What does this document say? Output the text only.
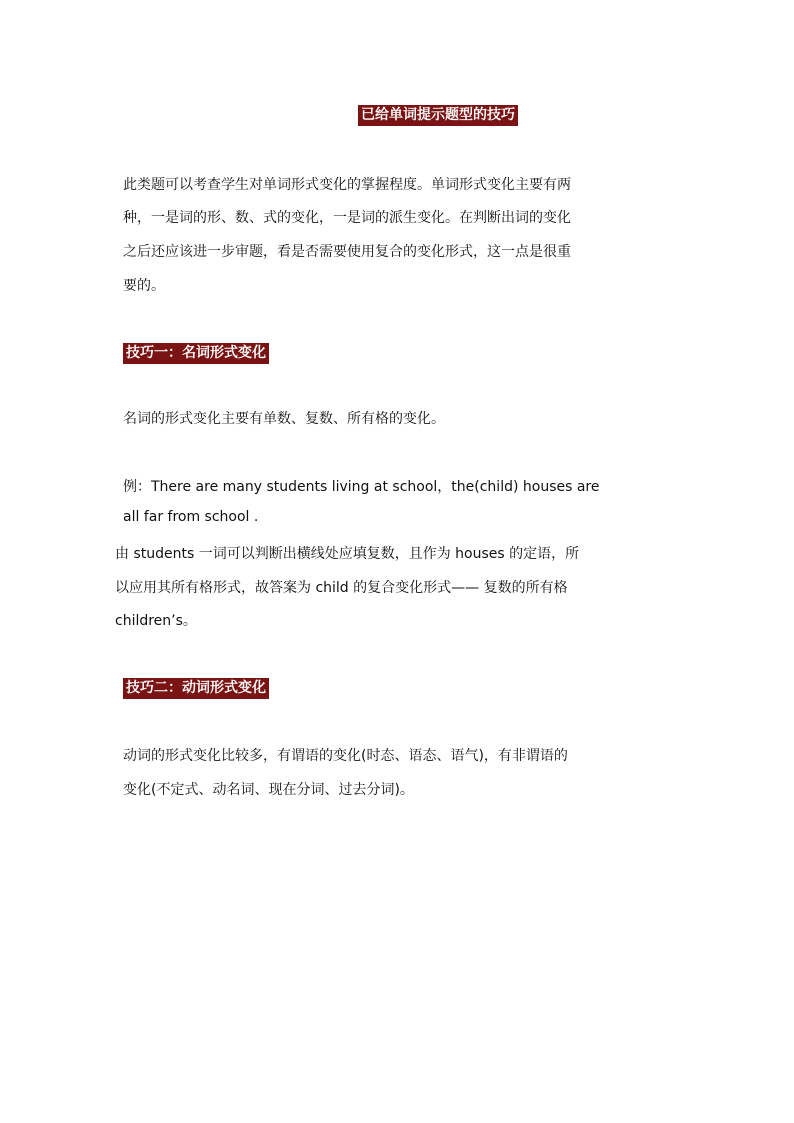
已给单词提示题型的技巧
此类题可以考查学生对单词形式变化的掌握程度。单词形式变化主要有两
种，一是词的形、数、式的变化，一是词的派生变化。在判断出词的变化
之后还应该进一步审题，看是否需要使用复合的变化形式，这一点是很重
要的。
技巧一：名词形式变化
名词的形式变化主要有单数、复数、所有格的变化。
例：There are many students living at school，the(child) houses are
all far from school .
由 students 一词可以判断出横线处应填复数，且作为 houses 的定语，所
以应用其所有格形式，故答案为 child 的复合变化形式—— 复数的所有格
children’s。
技巧二：动词形式变化
动词的形式变化比较多，有谓语的变化(时态、语态、语气)，有非谓语的
变化(不定式、动名词、现在分词、过去分词)。
